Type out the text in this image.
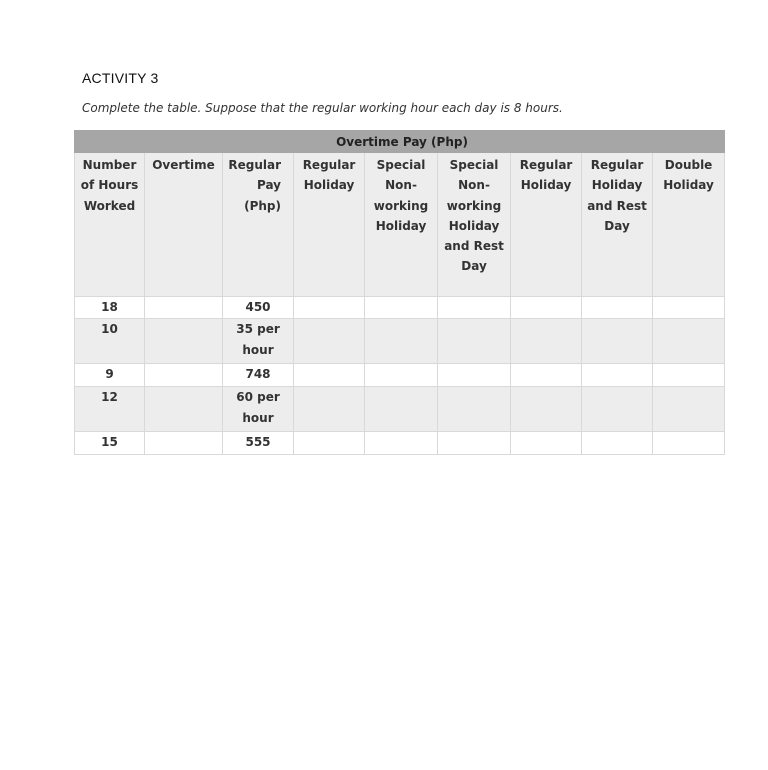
ACTIVITY 3
Complete the table. Suppose that the regular working hour each day is 8 hours.
			Overtime Pay (Php)					
Number of Hours Worked	Overtime	Regular Pay (Php)	Regular Holiday	Special Non-working Holiday	Special Non-working Holiday and Rest Day	Regular Holiday	Regular Holiday and Rest Day	Double Holiday
18		450						
10		35 per hour						
9		748						
12		60 per hour						
15		555						
